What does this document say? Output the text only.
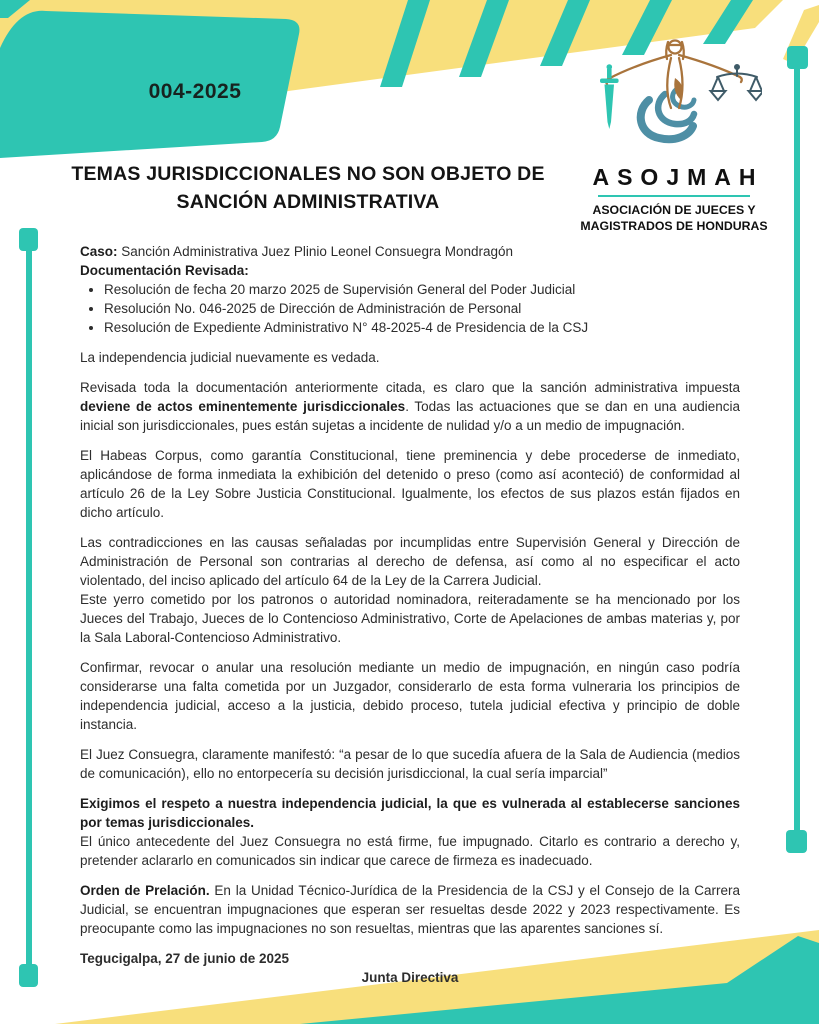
004-2025
TEMAS JURISDICCIONALES NO SON OBJETO DE
SANCIÓN ADMINISTRATIVA
ASOJMAH
ASOCIACIÓN DE JUECES Y
MAGISTRADOS DE HONDURAS

Caso: Sanción Administrativa Juez Plinio Leonel Consuegra Mondragón

Documentación Revisada:

• Resolución de fecha 20 marzo 2025 de Supervisión General del Poder Judicial
• Resolución No. 046-2025 de Dirección de Administración de Personal
• Resolución de Expediente Administrativo N° 48-2025-4 de Presidencia de la CSJ

La independencia judicial nuevamente es vedada.

Revisada toda la documentación anteriormente citada, es claro que la sanción administrativa impuesta deviene de actos eminentemente jurisdiccionales. Todas las actuaciones que se dan en una audiencia inicial son jurisdiccionales, pues están sujetas a incidente de nulidad y/o a un medio de impugnación.

El Habeas Corpus, como garantía Constitucional, tiene preminencia y debe procederse de inmediato, aplicándose de forma inmediata la exhibición del detenido o preso (como así aconteció) de conformidad al artículo 26 de la Ley Sobre Justicia Constitucional. Igualmente, los efectos de sus plazos están fijados en dicho artículo.

Las contradicciones en las causas señaladas por incumplidas entre Supervisión General y Dirección de Administración de Personal son contrarias al derecho de defensa, así como al no especificar el acto violentado, del inciso aplicado del artículo 64 de la Ley de la Carrera Judicial.

Este yerro cometido por los patronos o autoridad nominadora, reiteradamente se ha mencionado por los Jueces del Trabajo, Jueces de lo Contencioso Administrativo, Corte de Apelaciones de ambas materias y, por la Sala Laboral-Contencioso Administrativo.

Confirmar, revocar o anular una resolución mediante un medio de impugnación, en ningún caso podría considerarse una falta cometida por un Juzgador, considerarlo de esta forma vulneraria los principios de independencia judicial, acceso a la justicia, debido proceso, tutela judicial efectiva y principio de doble instancia.

El Juez Consuegra, claramente manifestó: “a pesar de lo que sucedía afuera de la Sala de Audiencia (medios de comunicación), ello no entorpecería su decisión jurisdiccional, la cual sería imparcial”

Exigimos el respeto a nuestra independencia judicial, la que es vulnerada al establecerse sanciones por temas jurisdiccionales.

El único antecedente del Juez Consuegra no está firme, fue impugnado. Citarlo es contrario a derecho y, pretender aclararlo en comunicados sin indicar que carece de firmeza es inadecuado.

Orden de Prelación. En la Unidad Técnico-Jurídica de la Presidencia de la CSJ y el Consejo de la Carrera Judicial, se encuentran impugnaciones que esperan ser resueltas desde 2022 y 2023 respectivamente. Es preocupante como las impugnaciones no son resueltas, mientras que las aparentes sanciones sí.

Tegucigalpa, 27 de junio de 2025

Junta Directiva
